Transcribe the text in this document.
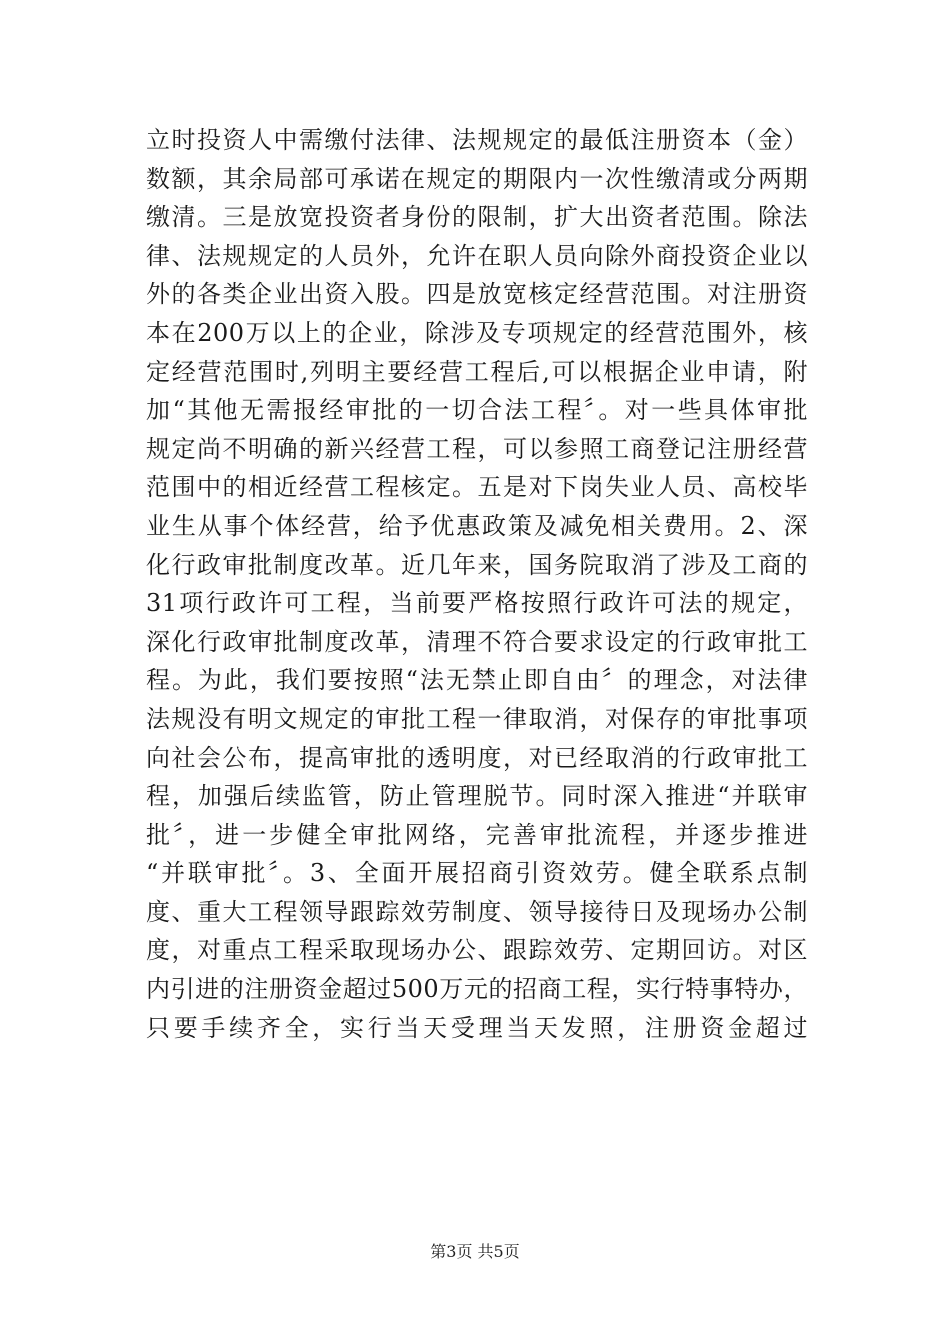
立时投资人中需缴付法律、法规规定的最低注册资本（金）
数额，其余局部可承诺在规定的期限内一次性缴清或分两期
缴清。三是放宽投资者身份的限制，扩大出资者范围。除法
律、法规规定的人员外，允许在职人员向除外商投资企业以
外的各类企业出资入股。四是放宽核定经营范围。对注册资
本在200万以上的企业，除涉及专项规定的经营范围外，核
定经营范围时,列明主要经营工程后,可以根据企业申请，附
加“其他无需报经审批的一切合法工程〞。对一些具体审批
规定尚不明确的新兴经营工程，可以参照工商登记注册经营
范围中的相近经营工程核定。五是对下岗失业人员、高校毕
业生从事个体经营，给予优惠政策及减免相关费用。2、深
化行政审批制度改革。近几年来，国务院取消了涉及工商的
31项行政许可工程，当前要严格按照行政许可法的规定，
深化行政审批制度改革，清理不符合要求设定的行政审批工
程。为此，我们要按照“法无禁止即自由〞的理念，对法律
法规没有明文规定的审批工程一律取消，对保存的审批事项
向社会公布，提高审批的透明度，对已经取消的行政审批工
程，加强后续监管，防止管理脱节。同时深入推进“并联审
批〞，进一步健全审批网络，完善审批流程，并逐步推进
“并联审批〞。3、全面开展招商引资效劳。健全联系点制
度、重大工程领导跟踪效劳制度、领导接待日及现场办公制
度，对重点工程采取现场办公、跟踪效劳、定期回访。对区
内引进的注册资金超过500万元的招商工程，实行特事特办，
只要手续齐全，实行当天受理当天发照，注册资金超过
第3页 共5页
